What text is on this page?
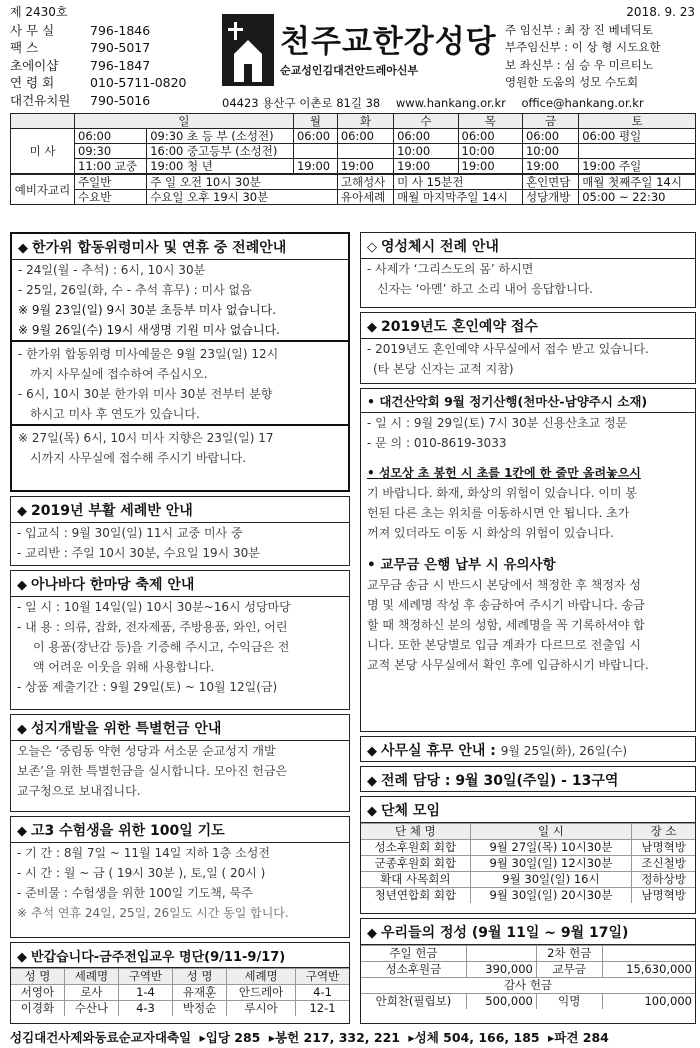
제 2430호
사 무 실	796-1846
팩 스	790-5017
초에이샵	796-1847
연 령 회	010-5711-0820
대건유치원	790-5016
천주교한강성당
순교성인김대건안드레아신부
2018. 9. 23
주 임신부 : 최 장 진 베네딕토
부주임신부 : 이 상 형 시도요한
보 좌신부 : 심 승 우 미르티노
영원한 도움의 성모 수도회
04423 용산구 이촌로 81길 38 www.hankang.or.kr office@hankang.or.kr
	일		월	화	수	목	금	토
미 사	06:00	09:30 초 등 부 (소성전)	06:00	06:00	06:00	06:00	06:00	06:00 평일
	09:30	16:00 중고등부 (소성전)			10:00	10:00	10:00	
	11:00 교중	19:00 청 년	19:00	19:00	19:00	19:00	19:00	19:00 주일
예비자교리	주일반	주 일 오전 10시 30분		고해성사	미 사 15분전		혼인면담	매월 첫째주일 14시
	수요반	수요일 오후 19시 30분		유아세례	매월 마지막주일 14시		성당개방	05:00 ~ 22:30
◆ 한가위 합동위령미사 및 연휴 중 전례안내
- 24일(월 - 추석) : 6시, 10시 30분
- 25일, 26일(화, 수 - 추석 휴무) : 미사 없음
※ 9월 23일(일) 9시 30분 초등부 미사 없습니다.
※ 9월 26일(수) 19시 새생명 기원 미사 없습니다.
- 한가위 합동위령 미사예물은 9월 23일(일) 12시
까지 사무실에 접수하여 주십시오.
- 6시, 10시 30분 한가위 미사 30분 전부터 분향
하시고 미사 후 연도가 있습니다.
※ 27일(목) 6시, 10시 미사 지향은 23일(일) 17
시까지 사무실에 접수해 주시기 바랍니다.
◆ 2019년 부활 세례반 안내
- 입교식 : 9월 30일(일) 11시 교중 미사 중
- 교리반 : 주일 10시 30분, 수요일 19시 30분
◆ 아나바다 한마당 축제 안내
- 일 시 : 10월 14일(일) 10시 30분~16시 성당마당
- 내 용 : 의류, 잡화, 전자제품, 주방용품, 와인, 어린
이 용품(장난감 등)을 기증해 주시고, 수익금은 전
액 어려운 이웃을 위해 사용합니다.
- 상품 제출기간 : 9월 29일(토) ~ 10월 12일(금)
◆ 성지개발을 위한 특별헌금 안내
오늘은 ‘중림동 약현 성당과 서소문 순교성지 개발
보존’을 위한 특별헌금을 실시합니다. 모아진 헌금은
교구청으로 보내집니다.
◆ 고3 수험생을 위한 100일 기도
- 기 간 : 8월 7일 ~ 11월 14일 지하 1층 소성전
- 시 간 : 월 ~ 금 ( 19시 30분 ), 토,일 ( 20시 )
- 준비물 : 수험생을 위한 100일 기도책, 묵주
※ 추석 연휴 24일, 25일, 26일도 시간 동일 합니다.
◆ 반갑습니다-금주전입교우 명단(9/11-9/17)
성 명	세례명	구역반	성 명	세례명	구역반
서영아	로사	1-4	유재훈	안드레아	4-1
이경화	수산나	4-3	박정순	루시아	12-1
◇ 영성체시 전례 안내
- 사제가 ‘그리스도의 몸’ 하시면
신자는 ‘아멘’ 하고 소리 내어 응답합니다.
◆ 2019년도 혼인예약 접수
- 2019년도 혼인예약 사무실에서 접수 받고 있습니다.
(타 본당 신자는 교적 지참)
• 대건산악회 9월 정기산행(천마산-남양주시 소재)
- 일 시 : 9월 29일(토) 7시 30분 신용산초교 정문
- 문 의 : 010-8619-3033
• 성모상 초 봉헌 시 초를 1칸에 한 줄만 올려놓으시
기 바랍니다. 화재, 화상의 위험이 있습니다. 이미 봉
헌된 다른 초는 위치를 이동하시면 안 됩니다. 초가
꺼져 있더라도 이동 시 화상의 위험이 있습니다.
• 교무금 은행 납부 시 유의사항
교무금 송금 시 반드시 본당에서 책정한 후 책정자 성
명 및 세례명 작성 후 송금하여 주시기 바랍니다. 송금
할 때 책정하신 분의 성함, 세례명을 꼭 기록하셔야 합
니다. 또한 본당별로 입금 계좌가 다르므로 전출입 시
교적 본당 사무실에서 확인 후에 입금하시기 바랍니다.
◆ 사무실 휴무 안내 : 9월 25일(화), 26일(수)
◆ 전례 담당 : 9월 30일(주일) - 13구역
◆ 단체 모임
단 체 명	일 시	장 소
성소후원회 회합	9월 27일(목) 10시30분	남명혁방
군종후원회 회합	9월 30일(일) 12시30분	조신철방
확대 사목회의	9월 30일(일) 16시	정하상방
청년연합회 회합	9월 30일(일) 20시30분	남명혁방
◆ 우리들의 정성 (9월 11일 ~ 9월 17일)
주일 헌금		2차 헌금	
성소후원금	390,000	교무금	15,630,000
감사 헌금			
안희찬(필립보)	500,000	익명	100,000
성김대건사제와동료순교자대축일 ▸입당 285 ▸봉헌 217, 332, 221 ▸성체 504, 166, 185 ▸파견 284
